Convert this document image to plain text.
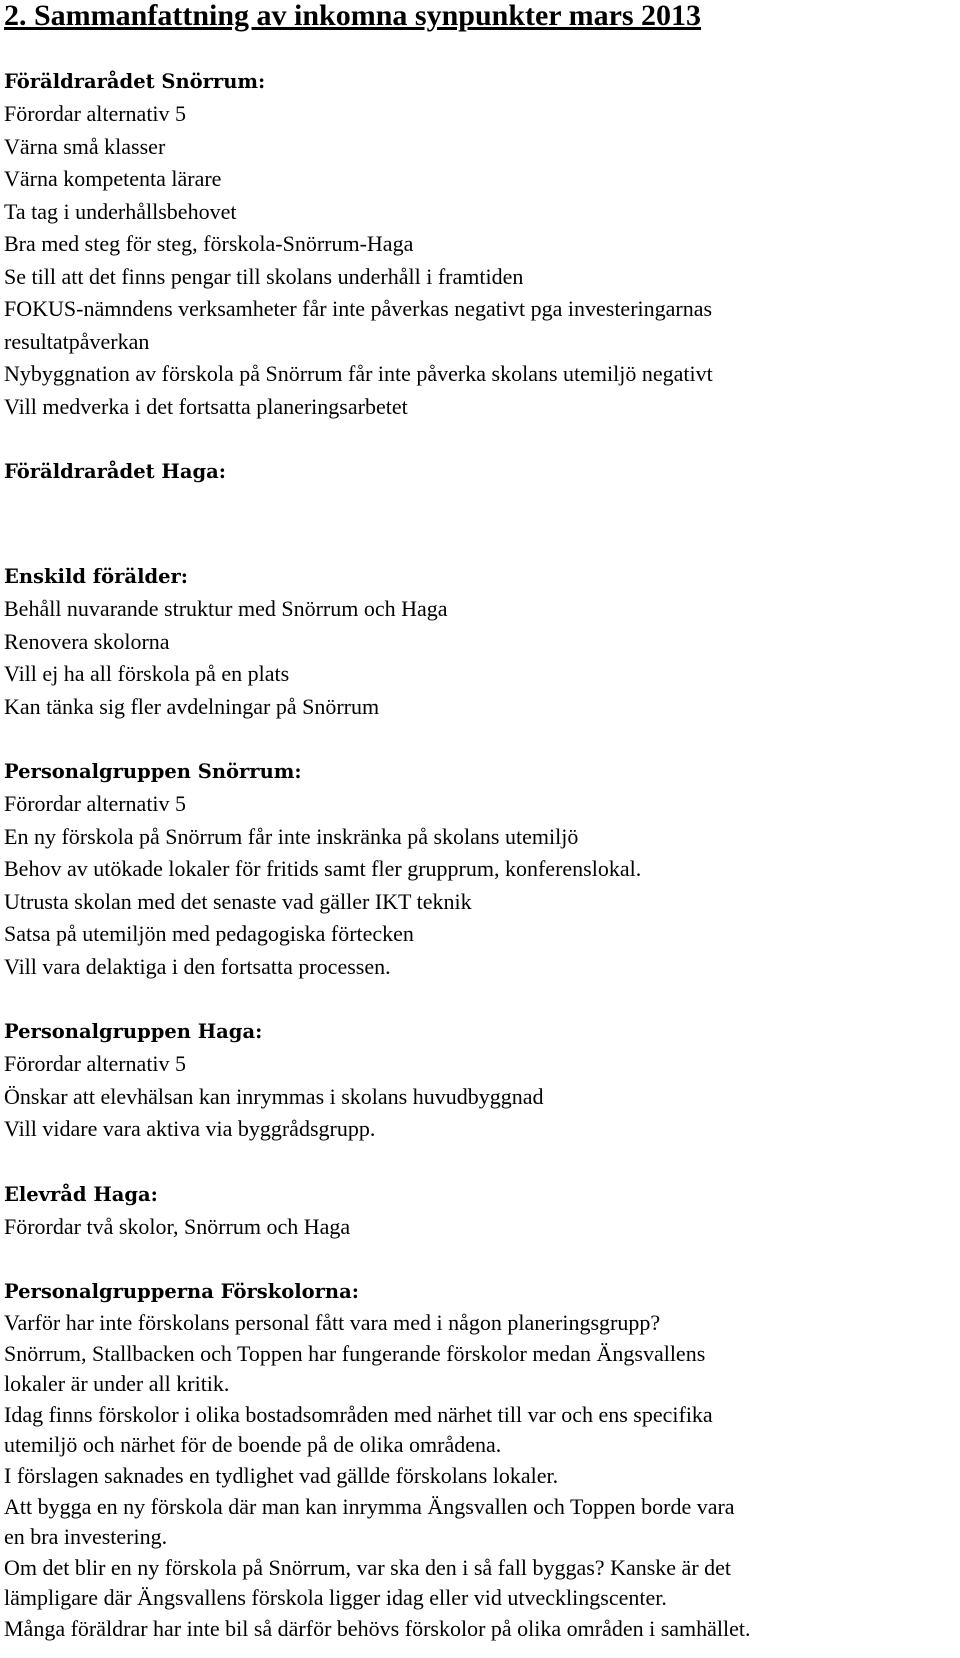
2. Sammanfattning av inkomna synpunkter mars 2013

Föräldrarådet Snörrum:

Förordar alternativ 5

Värna små klasser

Värna kompetenta lärare

Ta tag i underhållsbehovet

Bra med steg för steg, förskola-Snörrum-Haga

Se till att det finns pengar till skolans underhåll i framtiden

FOKUS-nämndens verksamheter får inte påverkas negativt pga investeringarnas

resultatpåverkan

Nybyggnation av förskola på Snörrum får inte påverka skolans utemiljö negativt

Vill medverka i det fortsatta planeringsarbetet

Föräldrarådet Haga:

Enskild förälder:

Behåll nuvarande struktur med Snörrum och Haga

Renovera skolorna

Vill ej ha all förskola på en plats

Kan tänka sig fler avdelningar på Snörrum

Personalgruppen Snörrum:

Förordar alternativ 5

En ny förskola på Snörrum får inte inskränka på skolans utemiljö

Behov av utökade lokaler för fritids samt fler grupprum, konferenslokal.

Utrusta skolan med det senaste vad gäller IKT teknik

Satsa på utemiljön med pedagogiska förtecken

Vill vara delaktiga i den fortsatta processen.

Personalgruppen Haga:

Förordar alternativ 5

Önskar att elevhälsan kan inrymmas i skolans huvudbyggnad

Vill vidare vara aktiva via byggrådsgrupp.

Elevråd Haga:

Förordar två skolor, Snörrum och Haga

Personalgrupperna Förskolorna:

Varför har inte förskolans personal fått vara med i någon planeringsgrupp?

Snörrum, Stallbacken och Toppen har fungerande förskolor medan Ängsvallens

lokaler är under all kritik.

Idag finns förskolor i olika bostadsområden med närhet till var och ens specifika

utemiljö och närhet för de boende på de olika områdena.

I förslagen saknades en tydlighet vad gällde förskolans lokaler.

Att bygga en ny förskola där man kan inrymma Ängsvallen och Toppen borde vara

en bra investering.

Om det blir en ny förskola på Snörrum, var ska den i så fall byggas? Kanske är det

lämpligare där Ängsvallens förskola ligger idag eller vid utvecklingscenter.

Många föräldrar har inte bil så därför behövs förskolor på olika områden i samhället.
